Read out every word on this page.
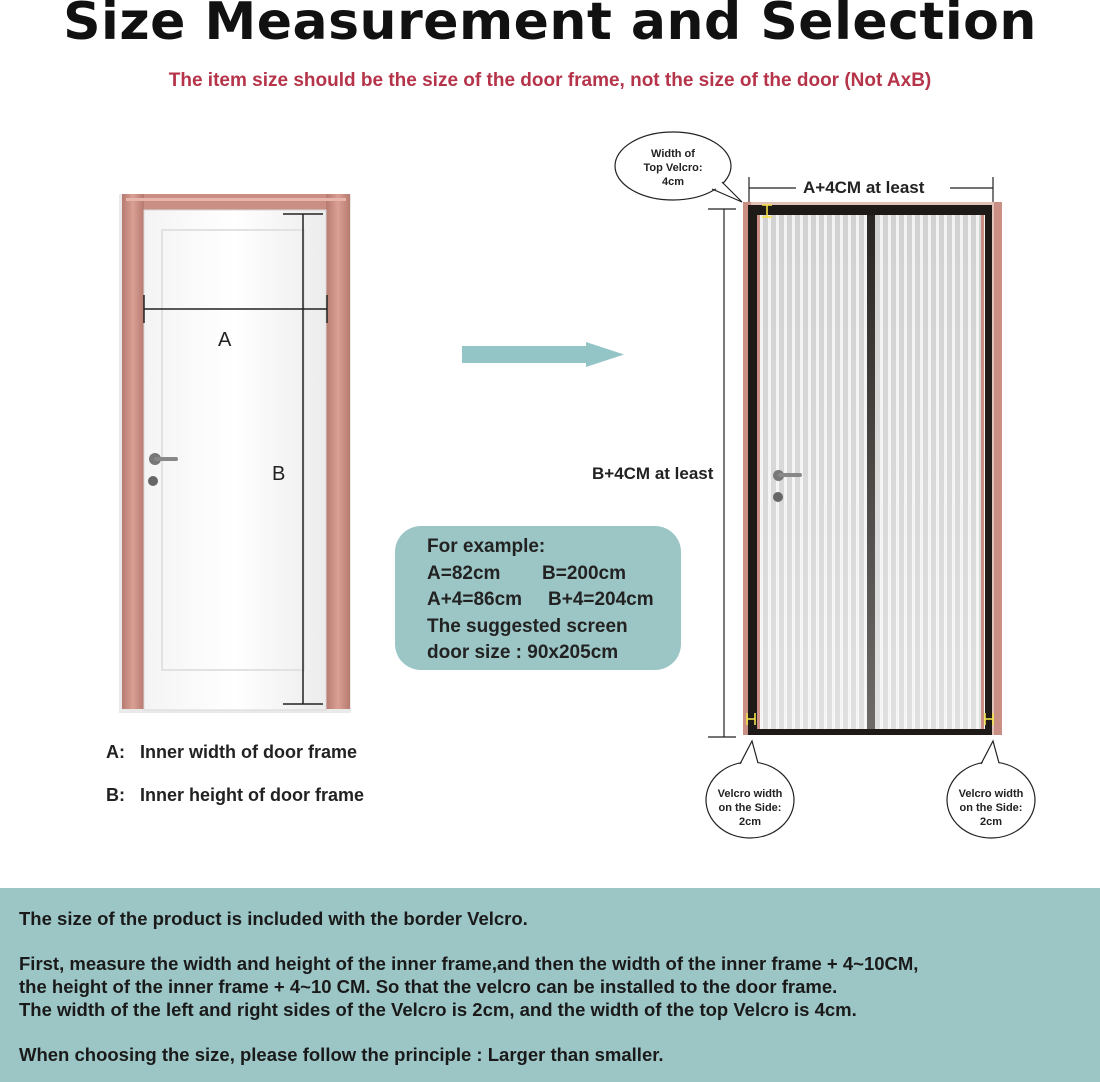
Size Measurement and Selection
The item size should be the size of the door frame, not the size of the door (Not AxB)
A
B
A: Inner width of door frame
B: Inner height of door frame
For example:
A=82cm B=200cm
A+4=86cm B+4=204cm
The suggested screen
door size : 90x205cm
Width of
Top Velcro:
4cm	A+4CM at least
B+4CM at least
Velcro width
on the Side:
2cm
Velcro width
on the Side:
2cm

The size of the product is included with the border Velcro.

First, measure the width and height of the inner frame,and then the width of the inner frame + 4~10CM,

the height of the inner frame + 4~10 CM. So that the velcro can be installed to the door frame.

The width of the left and right sides of the Velcro is 2cm, and the width of the top Velcro is 4cm.

When choosing the size, please follow the principle : Larger than smaller.
